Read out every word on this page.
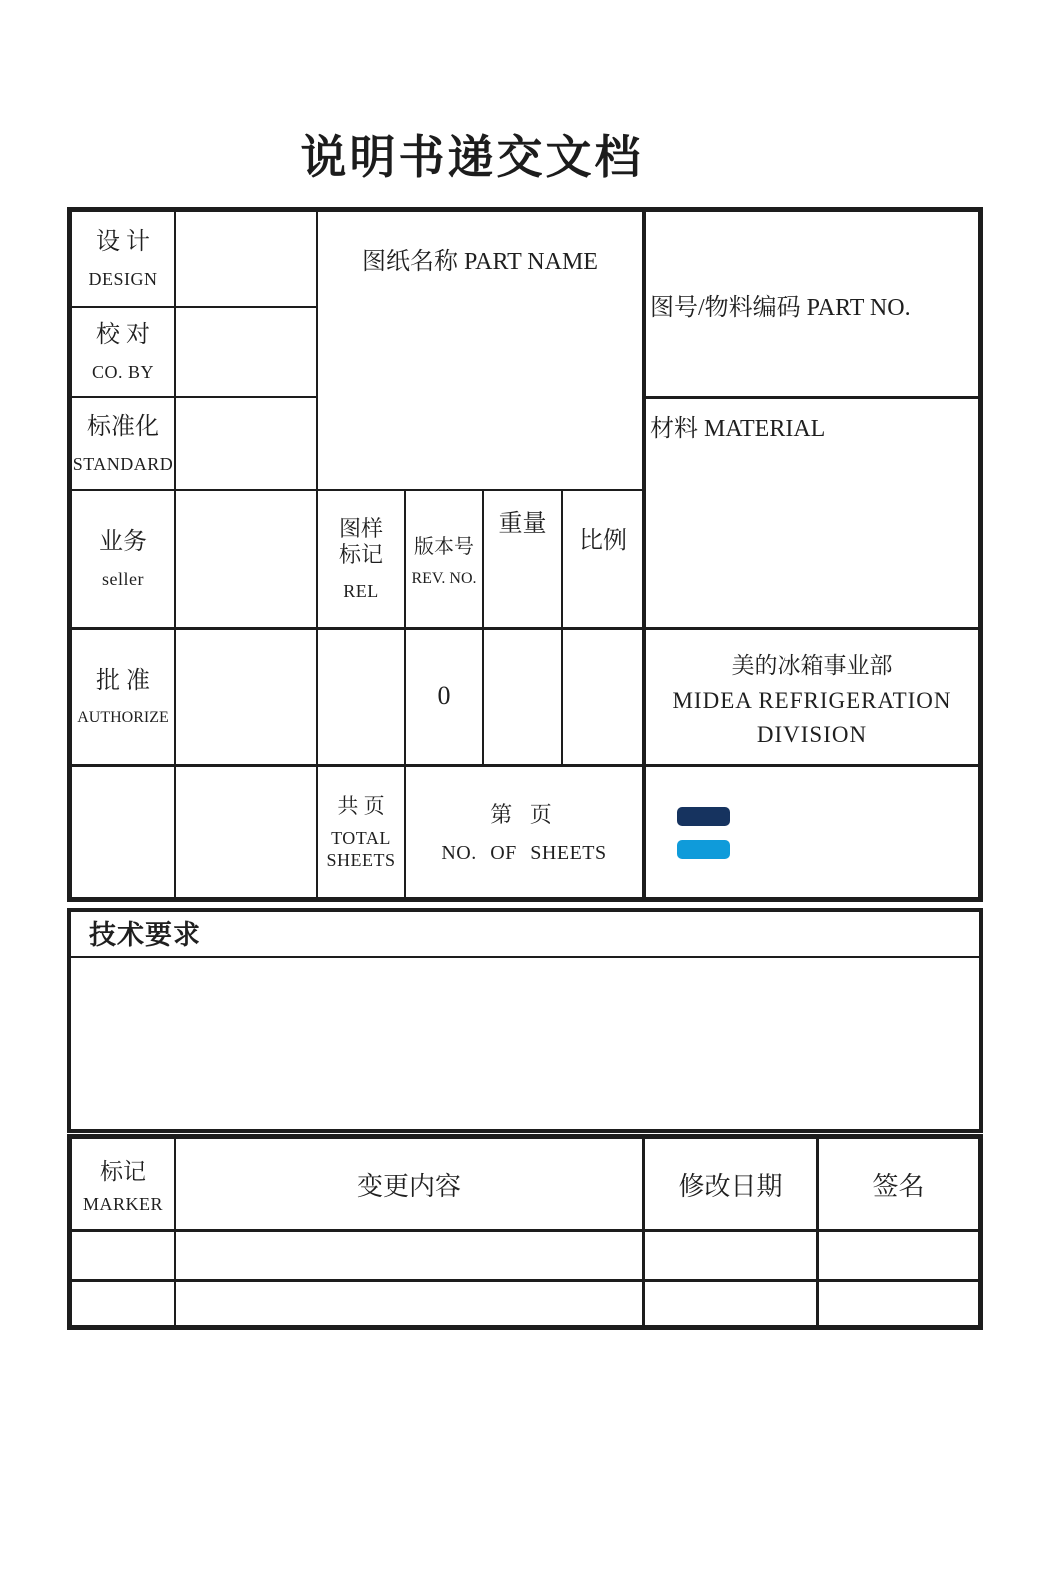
说明书递交文档
设 计
DESIGN
校 对
CO. BY
标准化
STANDARD
业务
seller
批 准
AUTHORIZE
图纸名称 PART NAME
图号/物料编码 PART NO.
材料 MATERIAL
美的冰箱事业部
MIDEA REFRIGERATION
DIVISION
图样标记
REL
版本号
REV. NO.
重量
比例
0
共 页
TOTAL SHEETS
第 页
NO. OF SHEETS
技术要求
标记
MARKER
变更内容	修改日期	签名
